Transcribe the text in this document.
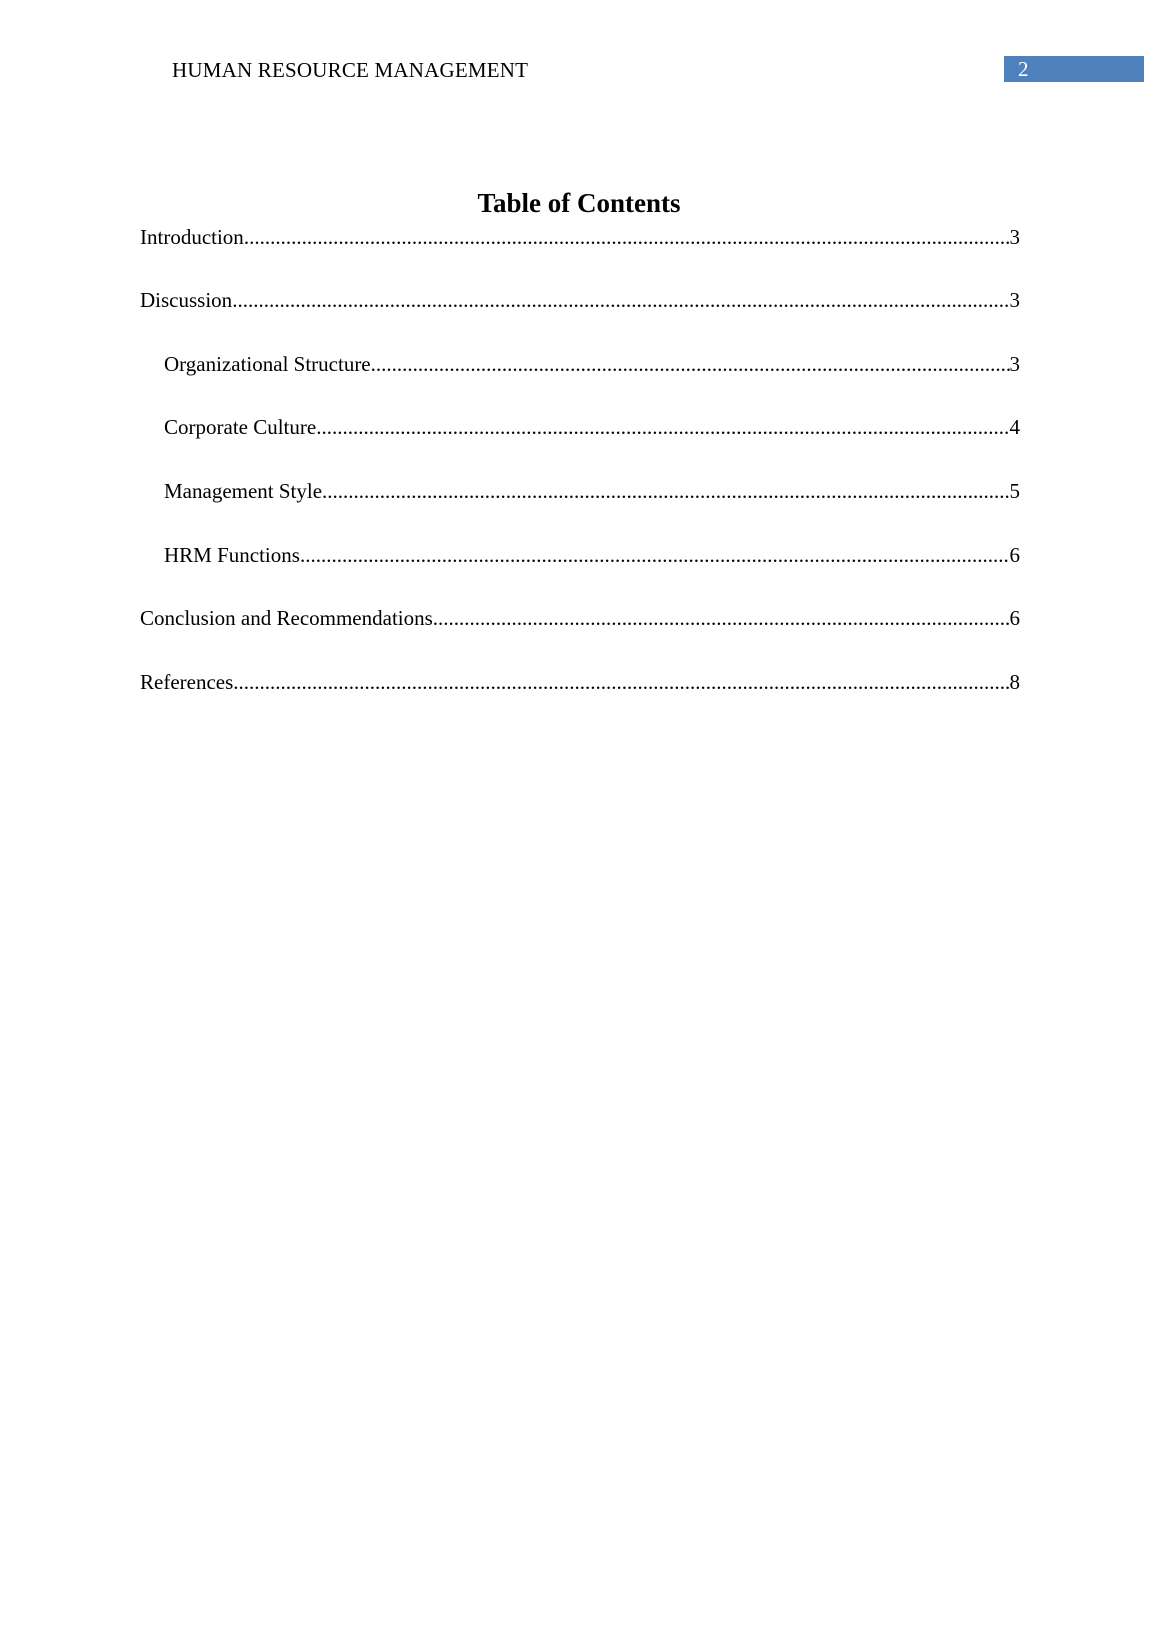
HUMAN RESOURCE MANAGEMENT	2
Table of Contents
Introduction .....	3
Discussion .....	3
Organizational Structure .....	3
Corporate Culture .....	4
Management Style .....	5
HRM Functions .....	6
Conclusion and Recommendations .....	6
References .....	8
